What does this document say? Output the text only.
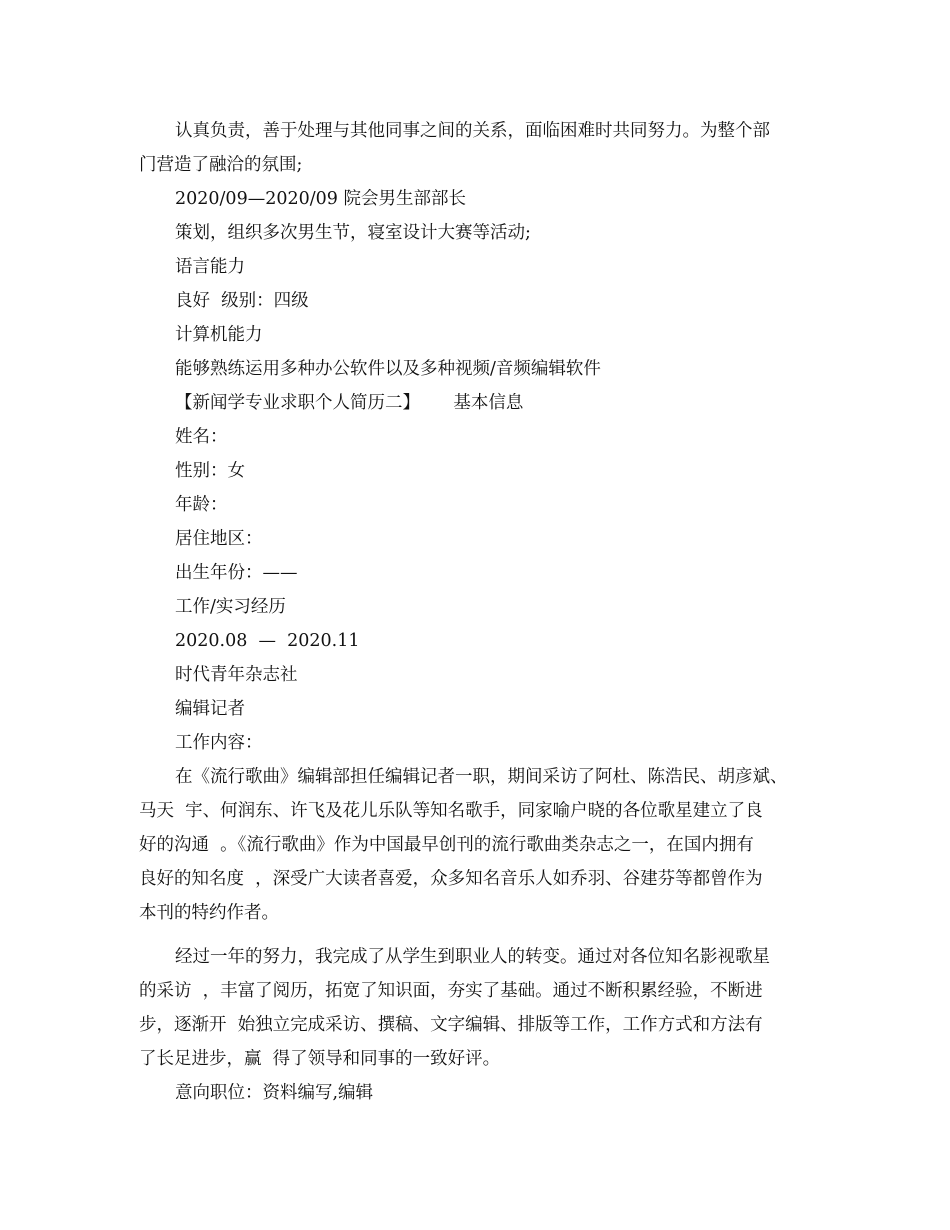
认真负责，善于处理与其他同事之间的关系，面临困难时共同努力。为整个部
门营造了融洽的氛围;
2020/09—2020/09 院会男生部部长
策划，组织多次男生节，寝室设计大赛等活动;
语言能力
良好  级别：四级
计算机能力
能够熟练运用多种办公软件以及多种视频/音频编辑软件
【新闻学专业求职个人简历二】      基本信息
姓名：
性别：女
年龄：
居住地区：
出生年份：——
工作/实习经历
2020.08  —  2020.11
时代青年杂志社
编辑记者
工作内容：
在《流行歌曲》编辑部担任编辑记者一职，期间采访了阿杜、陈浩民、胡彦斌、
马天  宇、何润东、许飞及花儿乐队等知名歌手，同家喻户晓的各位歌星建立了良
好的沟通  。《流行歌曲》作为中国最早创刊的流行歌曲类杂志之一，在国内拥有
良好的知名度  ，深受广大读者喜爱，众多知名音乐人如乔羽、谷建芬等都曾作为
本刊的特约作者。
经过一年的努力，我完成了从学生到职业人的转变。通过对各位知名影视歌星
的采访  ，丰富了阅历，拓宽了知识面，夯实了基础。通过不断积累经验，不断进
步，逐渐开  始独立完成采访、撰稿、文字编辑、排版等工作，工作方式和方法有
了长足进步，赢  得了领导和同事的一致好评。
意向职位：资料编写,编辑
